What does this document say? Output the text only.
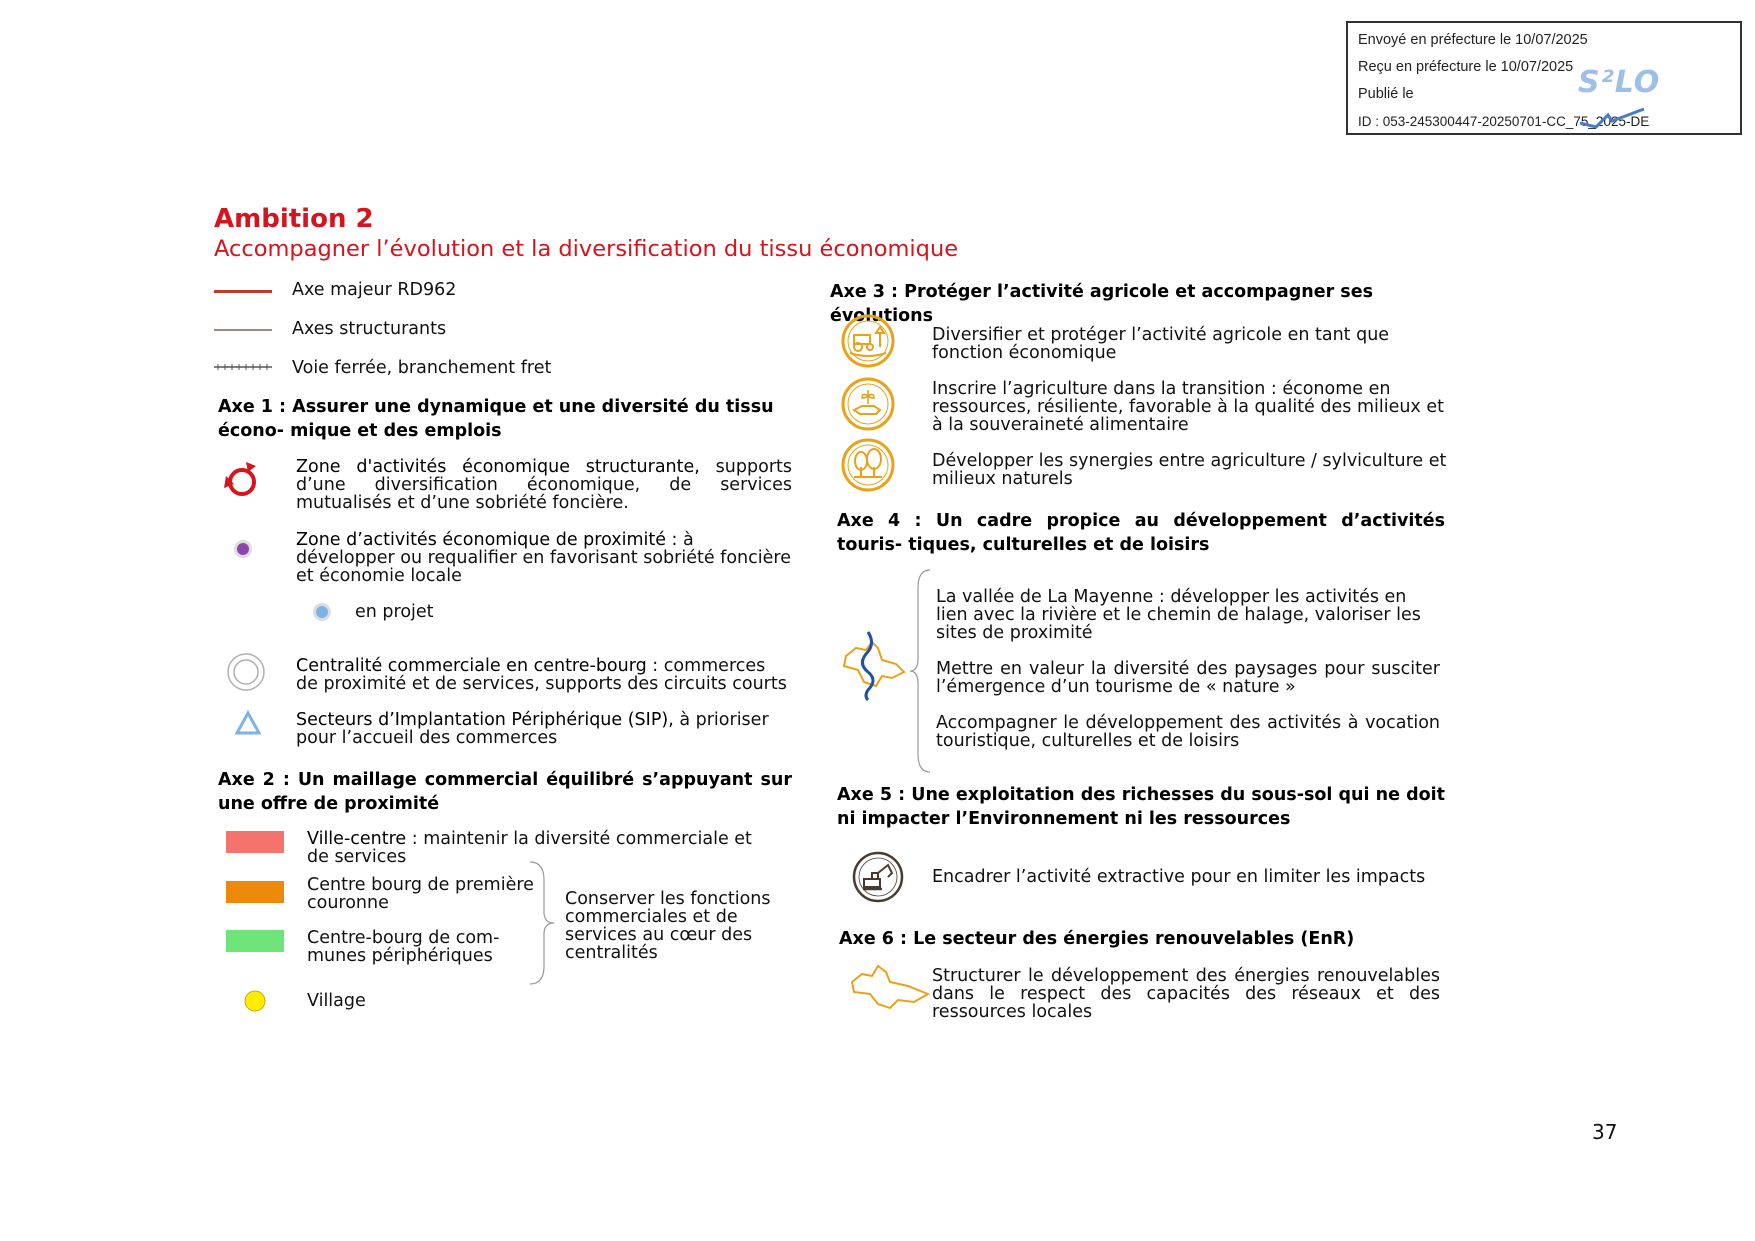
Envoyé en préfecture le 10/07/2025
Reçu en préfecture le 10/07/2025
Publié le
ID : 053-245300447-20250701-CC_75_2025-DE
S²LO
Ambition 2
Accompagner l’évolution et la diversification du tissu économique
Axe majeur RD962
Axes structurants
Voie ferrée, branchement fret
Axe 1 : Assurer une dynamique et une diversité du tissu écono- mique et des emplois
Zone d'activités économique structurante, supports d’une diversification économique, de services mutualisés et d’une sobriété foncière.
Zone d’activités économique de proximité : à développer ou requalifier en favorisant sobriété foncière et économie locale
en projet
Centralité commerciale en centre-bourg : commerces de proximité et de services, supports des circuits courts
Secteurs d’Implantation Périphérique (SIP), à prioriser pour l’accueil des commerces
Axe 2 : Un maillage commercial équilibré s’appuyant sur une offre de proximité
Ville-centre : maintenir la diversité commerciale et de services
Centre bourg de première couronne
Centre-bourg de com- munes périphériques
Village
Conserver les fonctions commerciales et de services au cœur des centralités
Axe 3 : Protéger l’activité agricole et accompagner ses évolutions
Diversifier et protéger l’activité agricole en tant que fonction économique
Inscrire l’agriculture dans la transition : économe en ressources, résiliente, favorable à la qualité des milieux et à la souveraineté alimentaire
Développer les synergies entre agriculture / sylviculture et milieux naturels
Axe 4 : Un cadre propice au développement d’activités touris- tiques, culturelles et de loisirs
La vallée de La Mayenne : développer les activités en lien avec la rivière et le chemin de halage, valoriser les sites de proximité
Mettre en valeur la diversité des paysages pour susciter l’émergence d’un tourisme de « nature »
Accompagner le développement des activités à vocation touristique, culturelles et de loisirs
Axe 5 : Une exploitation des richesses du sous-sol qui ne doit ni impacter l’Environnement ni les ressources
Encadrer l’activité extractive pour en limiter les impacts
Axe 6 : Le secteur des énergies renouvelables (EnR)
Structurer le développement des énergies renouvelables dans le respect des capacités des réseaux et des ressources locales
37
